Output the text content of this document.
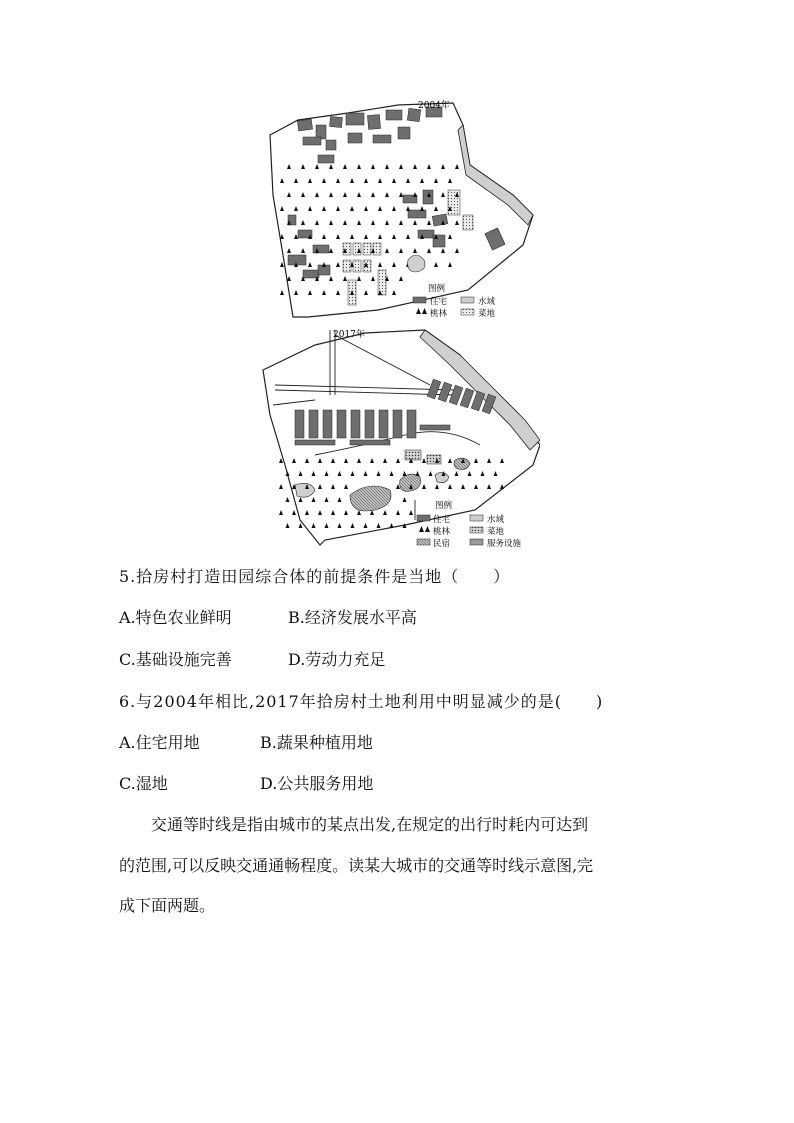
2004年
图例
住宅	水域
桃林	菜地
2017年
图例
住宅	水域
桃林	菜地
民宿	服务设施
5.拾房村打造田园综合体的前提条件是当地（　　）
A.特色农业鲜明	B.经济发展水平高
C.基础设施完善	D.劳动力充足
6.与2004年相比,2017年拾房村土地利用中明显减少的是(　　)
A.住宅用地	B.蔬果种植用地
C.湿地	D.公共服务用地
　　交通等时线是指由城市的某点出发,在规定的出行时耗内可达到
的范围,可以反映交通通畅程度。读某大城市的交通等时线示意图,完
成下面两题。
